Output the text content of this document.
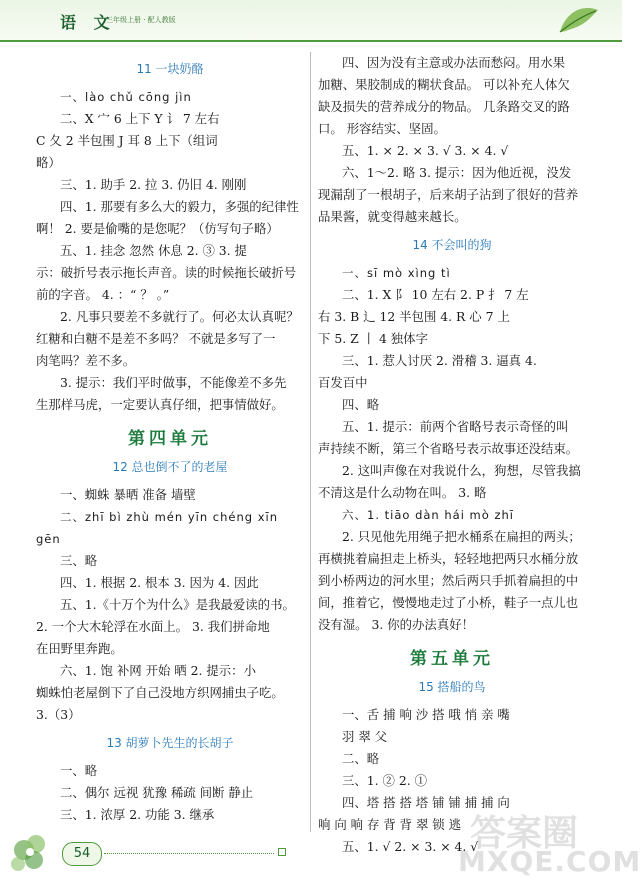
语 文
三年级上册 · 配人教版
11 一块奶酪
一、lào chǔ cōng jìn
二、X 宀 6 上下 Y 讠 7 左右
C 夂 2 半包围 J 耳 8 上下（组词
略）
三、1. 助手 2. 拉 3. 仍旧 4. 刚刚
四、1. 那要有多么大的毅力，多强的纪律性
啊！ 2. 要是偷嘴的是您呢？（仿写句子略）
五、1. 挂念 忽然 休息 2. ③ 3. 提
示：破折号表示拖长声音。读的时候拖长破折号
前的字音。 4. ：“ ？ 。”
2. 凡事只要差不多就行了。何必太认真呢？
红糖和白糖不是差不多吗？ 不就是多写了一
肉笔吗？差不多。
3. 提示：我们平时做事，不能像差不多先
生那样马虎，一定要认真仔细，把事情做好。
第四单元
12 总也倒不了的老屋
一、蜘蛛 暴晒 准备 墙壁
二、zhī bì zhù mén yīn chéng xīn
gēn
三、略
四、1. 根据 2. 根本 3. 因为 4. 因此
五、1.《十万个为什么》是我最爱读的书。
2. 一个大木轮浮在水面上。 3. 我们拼命地
在田野里奔跑。
六、1. 饱 补网 开始 晒 2. 提示：小
蜘蛛怕老屋倒下了自己没地方织网捕虫子吃。
3.（3）
13 胡萝卜先生的长胡子
一、略
二、偶尔 远视 犹豫 稀疏 间断 静止
三、1. 浓厚 2. 功能 3. 继承
四、因为没有主意或办法而愁闷。用水果
加糖、果胶制成的糊状食品。 可以补充人体欠
缺及损失的营养成分的物品。 几条路交叉的路
口。 形容结实、坚固。
五、1. × 2. × 3. √ 3. × 4. √
六、1～2. 略 3. 提示：因为他近视，没发
现漏刮了一根胡子，后来胡子沾到了很好的营养
品果酱，就变得越来越长。
14 不会叫的狗
一、sī mò xìng tì
二、1. X 阝 10 左右 2. P 扌 7 左
右 3. B 辶 12 半包围 4. R 心 7 上
下 5. Z 丨 4 独体字
三、1. 惹人讨厌 2. 滑稽 3. 逼真 4.
百发百中
四、略
五、1. 提示：前两个省略号表示奇怪的叫
声持续不断，第三个省略号表示故事还没结束。
2. 这叫声像在对我说什么，狗想，尽管我搞
不清这是什么动物在叫。 3. 略
六、1. tiāo dàn hái mò zhī
2. 只见他先用绳子把水桶系在扁担的两头；
再横挑着扁担走上桥头，轻轻地把两只水桶分放
到小桥两边的河水里；然后两只手抓着扁担的中
间，推着它，慢慢地走过了小桥，鞋子一点儿也
没有湿。 3. 你的办法真好！
第五单元
15 搭船的鸟
一、舌 捕 响 沙 搭 哦 悄 亲 嘴
羽 翠 父
二、略
三、1. ② 2. ①
四、塔 搭 搭 塔 铺 铺 捕 捕 向
响 向 响 存 背 背 翠 锁 逃
五、1. √ 2. × 3. × 4. √
54	答案圈
MXQE.COM
